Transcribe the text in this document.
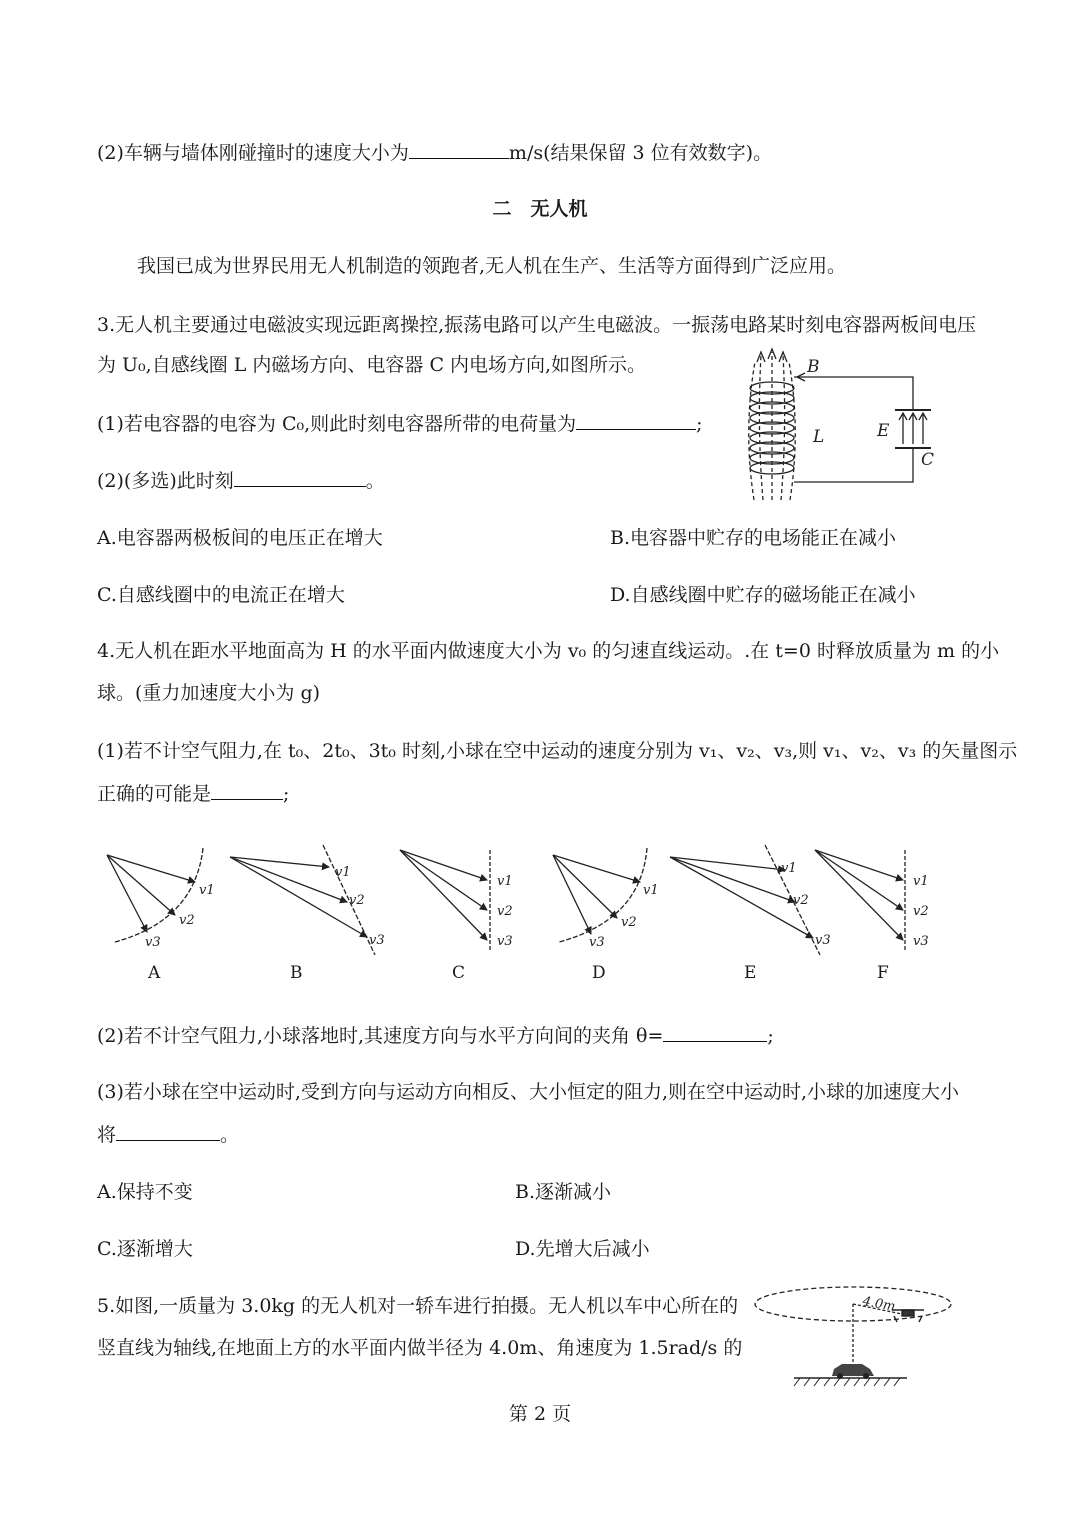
(2)车辆与墙体刚碰撞时的速度大小为	m/s(结果保留 3 位有效数字)。
二　无人机
我国已成为世界民用无人机制造的领跑者,无人机在生产、生活等方面得到广泛应用。
3.无人机主要通过电磁波实现远距离操控,振荡电路可以产生电磁波。一振荡电路某时刻电容器两板间电压
为 U₀,自感线圈 L 内磁场方向、电容器 C 内电场方向,如图所示。
(1)若电容器的电容为 C₀,则此时刻电容器所带的电荷量为	;
(2)(多选)此时刻	。
A.电容器两极板间的电压正在增大	B.电容器中贮存的电场能正在减小
C.自感线圈中的电流正在增大	D.自感线圈中贮存的磁场能正在减小
B
L	E
C
4.无人机在距水平地面高为 H 的水平面内做速度大小为 v₀ 的匀速直线运动。.在 t=0 时释放质量为 m 的小
球。(重力加速度大小为 g)
(1)若不计空气阻力,在 t₀、2t₀、3t₀ 时刻,小球在空中运动的速度分别为 v₁、v₂、v₃,则 v₁、v₂、v₃ 的矢量图示
正确的可能是	;
v1
v2
v3
v1
v2
v3
v1
v2
v3
v1
v2
v3
v1
v2
v3
v1
v2
v3
A	B	C	D	E	F
(2)若不计空气阻力,小球落地时,其速度方向与水平方向间的夹角 θ=	;
(3)若小球在空中运动时,受到方向与运动方向相反、大小恒定的阻力,则在空中运动时,小球的加速度大小
将	。
A.保持不变	B.逐渐减小
C.逐渐增大	D.先增大后减小
5.如图,一质量为 3.0kg 的无人机对一轿车进行拍摄。无人机以车中心所在的
竖直线为轴线,在地面上方的水平面内做半径为 4.0m、角速度为 1.5rad/s 的
4.0m
第 2 页
